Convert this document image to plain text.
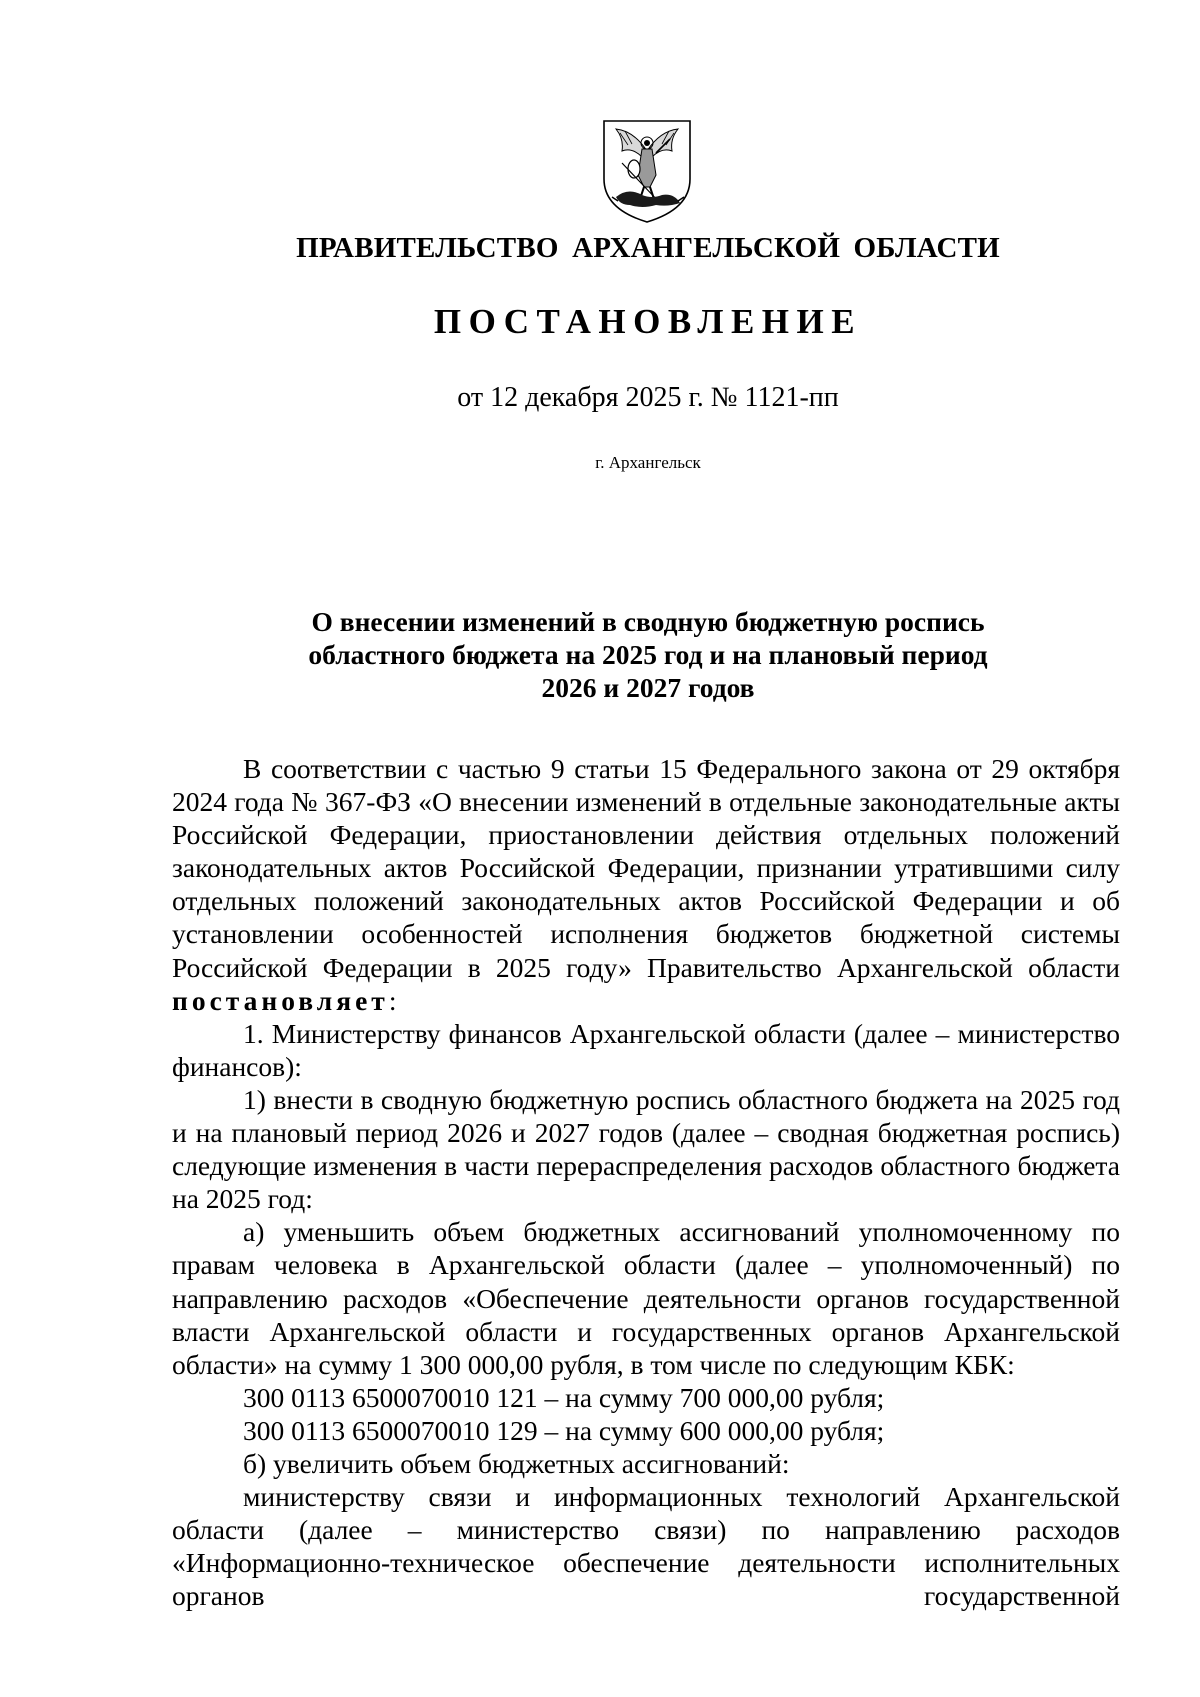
ПРАВИТЕЛЬСТВО АРХАНГЕЛЬСКОЙ ОБЛАСТИ
ПОСТАНОВЛЕНИЕ
от 12 декабря 2025 г. № 1121-пп
г. Архангельск
О внесении изменений в сводную бюджетную роспись
областного бюджета на 2025 год и на плановый период
2026 и 2027 годов

В соответствии с частью 9 статьи 15 Федерального закона от 29 октября 2024 года № 367-ФЗ «О внесении изменений в отдельные законодательные акты Российской Федерации, приостановлении действия отдельных положений законодательных актов Российской Федерации, признании утратившими силу отдельных положений законодательных актов Российской Федерации и об установлении особенностей исполнения бюджетов бюджетной системы Российской Федерации в 2025 году» Правительство Архангельской области постановляет:

1. Министерству финансов Архангельской области (далее – министерство финансов):

1) внести в сводную бюджетную роспись областного бюджета на 2025 год и на плановый период 2026 и 2027 годов (далее – сводная бюджетная роспись) следующие изменения в части перераспределения расходов областного бюджета на 2025 год:

а) уменьшить объем бюджетных ассигнований уполномоченному по правам человека в Архангельской области (далее – уполномоченный) по направлению расходов «Обеспечение деятельности органов государственной власти Архангельской области и государственных органов Архангельской области» на сумму 1 300 000,00 рубля, в том числе по следующим КБК:

300 0113 6500070010 121 – на сумму 700 000,00 рубля;

300 0113 6500070010 129 – на сумму 600 000,00 рубля;

б) увеличить объем бюджетных ассигнований:

министерству связи и информационных технологий Архангельской области (далее – министерство связи) по направлению расходов «Информационно-техническое обеспечение деятельности исполнительных органов государственной
